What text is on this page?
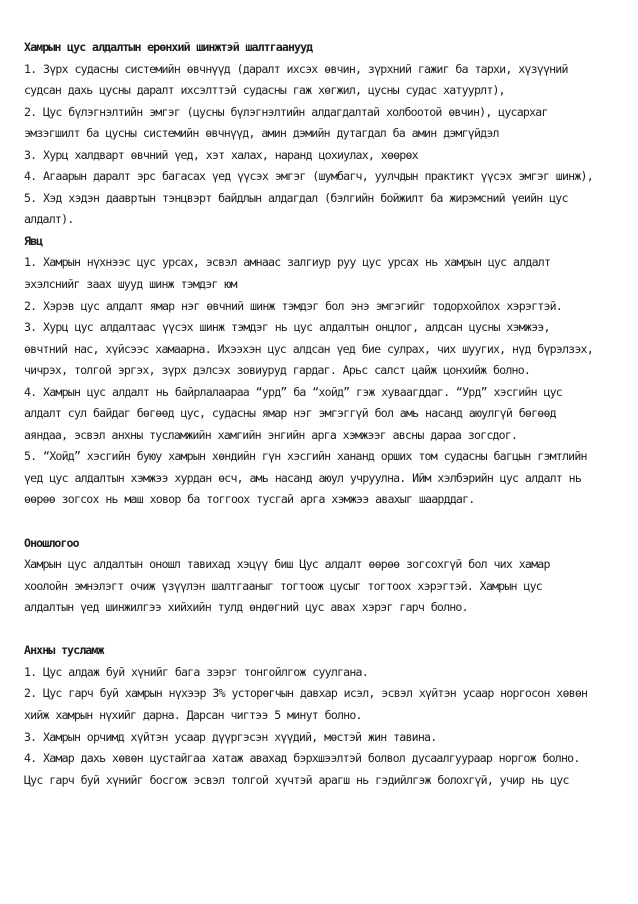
Хамрын цус алдалтын ерөнхий шинжтэй шалтгаанууд

1. Зүрх судасны системийн өвчнүүд (даралт ихсэх өвчин, зүрхний гажиг ба тархи, хүзүүний

судсан дахь цусны даралт ихсэлттэй судасны гаж хөгжил, цусны судас хатуурлт),

2. Цус бүлэгнэлтийн эмгэг (цусны бүлэгнэлтийн алдагдалтай холбоотой өвчин), цусархаг

эмзэгшилт ба цусны системийн өвчнүүд, амин дэмийн дутагдал ба амин дэмгүйдэл

3. Хурц халдварт өвчний үед, хэт халах, наранд цохиулах, хөөрөх

4. Агаарын даралт эрс багасах үед үүсэх эмгэг (шумбагч, уулчдын практикт үүсэх эмгэг шинж),

5. Хэд хэдэн даавртын тэнцвэрт байдлын алдагдал (бэлгийн бойжилт ба жирэмсний үеийн цус

алдалт).

Явц

1. Хамрын нүхнээс цус урсах, эсвэл амнаас залгиур руу цус урсах нь хамрын цус алдалт

эхэлснийг заах шууд шинж тэмдэг юм

2. Хэрэв цус алдалт ямар нэг өвчний шинж тэмдэг бол энэ эмгэгийг тодорхойлох хэрэгтэй.

3. Хурц цус алдалтаас үүсэх шинж тэмдэг нь цус алдалтын онцлог, алдсан цусны хэмжээ,

өвчтний нас, хүйсээс хамаарна. Ихээхэн цус алдсан үед бие сулрах, чих шуугих, нүд бүрэлзэх,

чичрэх, толгой эргэх, зүрх дэлсэх зовиуруд гардаг. Арьс салст цайж цонхийж болно.

4. Хамрын цус алдалт нь байрлалаараа “урд” ба “хойд” гэж хуваагддаг. “Урд” хэсгийн цус

алдалт сул байдаг бөгөөд цус, судасны ямар нэг эмгэггүй бол амь насанд аюулгүй бөгөөд

аяндаа, эсвэл анхны тусламжийн хамгийн энгийн арга хэмжээг авсны дараа зогсдог.

5. “Хойд” хэсгийн буюу хамрын хөндийн гүн хэсгийн хананд орших том судасны багцын гэмтлийн

үед цус алдалтын хэмжээ хурдан өсч, амь насанд аюул учруулна. Ийм хэлбэрийн цус алдалт нь

өөрөө зогсох нь маш ховор ба тоггоох тусгай арга хэмжээ авахыг шаарддаг.

Оношлогоо

Хамрын цус алдалтын оношл тавихад хэцүү биш Цус алдалт өөрөө зогсохгүй бол чих хамар

хоолойн эмнэлэгт очиж үзүүлэн шалтгааныг тогтоож цусыг тогтоох хэрэгтэй. Хамрын цус

алдалтын үед шинжилгээ хийхийн тулд өндөгний цус авах хэрэг гарч болно.

Анхны тусламж

1. Цус алдаж буй хүнийг бага зэрэг тонгойлгож суулгана.

2. Цус гарч буй хамрын нүхээр 3% усторөгчын давхар исэл, эсвэл хүйтэн усаар норгосон хөвөн

хийж хамрын нүхийг дарна. Дарсан чигтээ 5 минут болно.

3. Хамрын орчимд хүйтэн усаар дүүргэсэн хүүдий, мөстэй жин тавина.

4. Хамар дахь хөвөн цустайгаа хатаж авахад бэрхшээлтэй болвол дусаалгуураар норгож болно.

Цус гарч буй хүнийг босгож эсвэл толгой хүчтэй арагш нь гэдийлгэж болохгүй, учир нь цус
